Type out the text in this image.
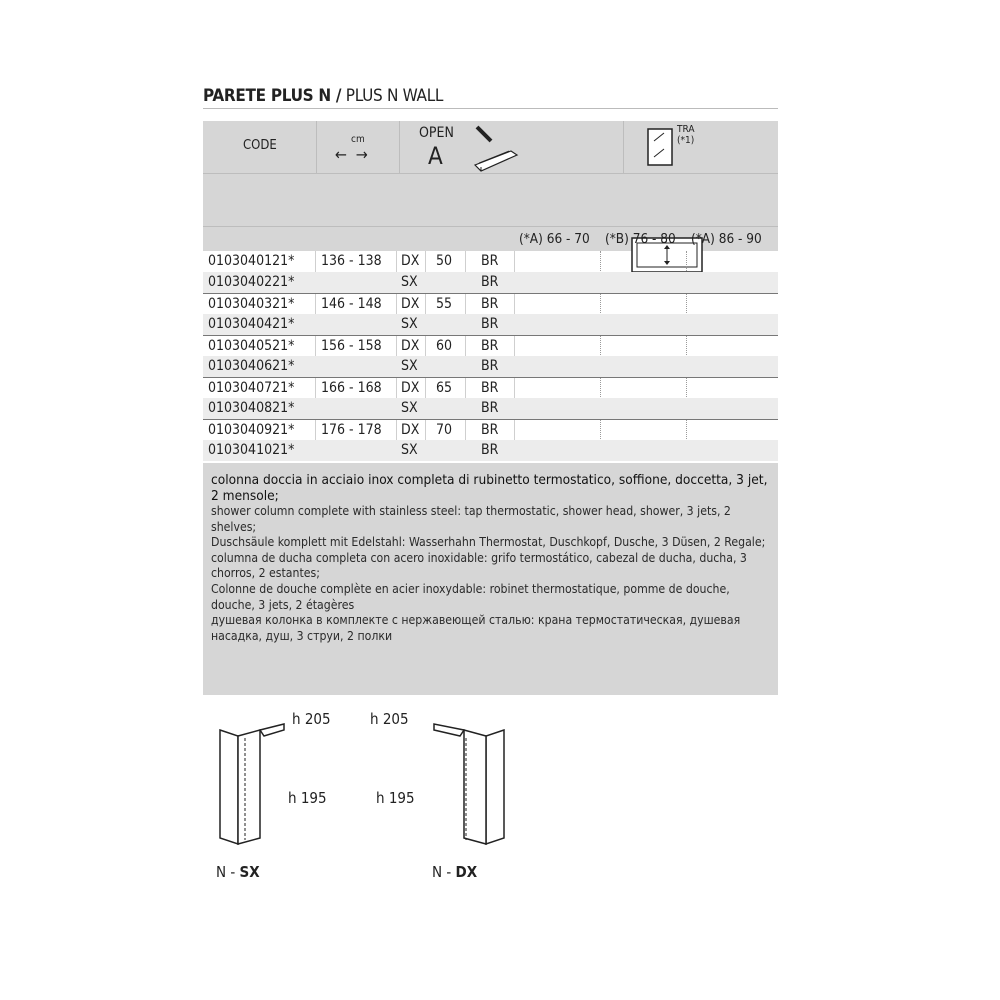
PARETE PLUS N / PLUS N WALL
CODE	cm
← →
OPEN
A
TRA
(*1)
(*A) 66 - 70 (*B) 76 - 80 (*A) 86 - 90
0103040121* 136 - 138 DX 50 BR
0103040221*	SX	BR
0103040321* 146 - 148 DX 55 BR
0103040421*	SX	BR
0103040521* 156 - 158 DX 60 BR
0103040621*	SX	BR
0103040721* 166 - 168 DX 65 BR
0103040821*	SX	BR
0103040921* 176 - 178 DX 70 BR
0103041021*	SX	BR

colonna doccia in acciaio inox completa di rubinetto termostatico, soffione, doccetta, 3 jet, 2 mensole;

shower column complete with stainless steel: tap thermostatic, shower head, shower, 3 jets, 2 shelves;

Duschsäule komplett mit Edelstahl: Wasserhahn Thermostat, Duschkopf, Dusche, 3 Düsen, 2 Regale;

columna de ducha completa con acero inoxidable: grifo termostático, cabezal de ducha, ducha, 3 chorros, 2 estantes;

Colonne de douche complète en acier inoxydable: robinet thermostatique, pomme de douche, douche, 3 jets, 2 étagères

душевая колонка в комплекте с нержавеющей сталью: крана термостатическая, душевая насадка, душ, 3 струи, 2 полки

h 205	h 205
h 195	h 195
N - SX	N - DX
